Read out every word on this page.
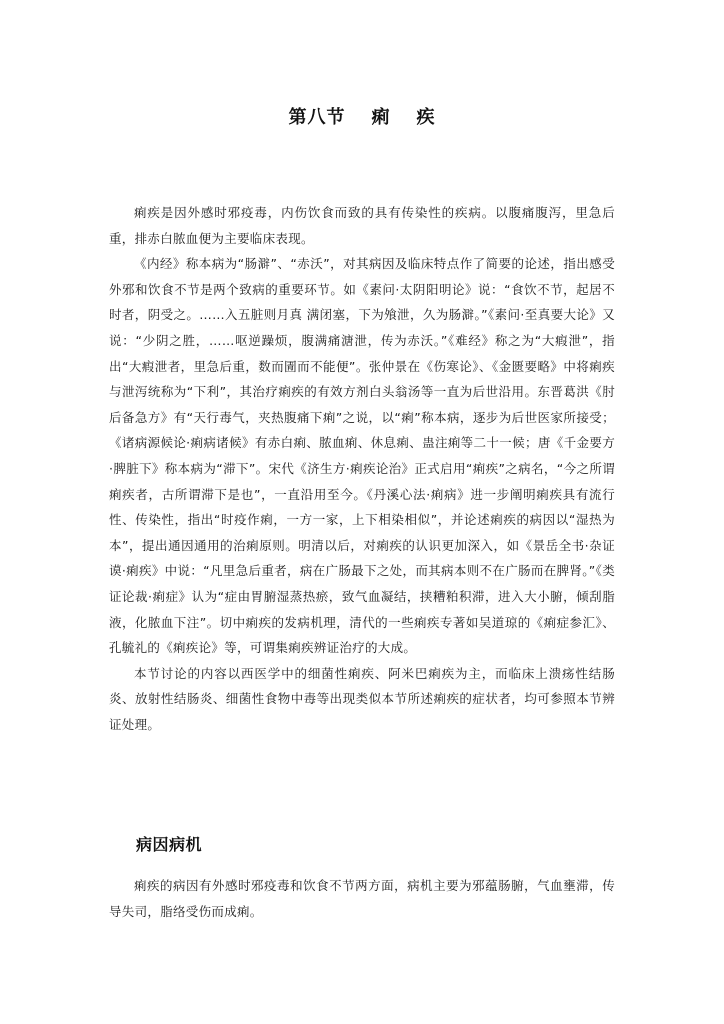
第八节 痢 疾

痢疾是因外感时邪疫毒，内伤饮食而致的具有传染性的疾病。以腹痛腹泻，里急后重，排赤白脓血便为主要临床表现。

《内经》称本病为“肠澼”、“赤沃”，对其病因及临床特点作了简要的论述，指出感受外邪和饮食不节是两个致病的重要环节。如《素问·太阴阳明论》说：“食饮不节，起居不时者，阴受之。……入五脏则月真 满闭塞，下为飧泄，久为肠澼。”《素问·至真要大论》又说：“少阴之胜，……呕逆躁烦，腹满痛溏泄，传为赤沃。”《难经》称之为“大瘕泄”，指出“大瘕泄者，里急后重，数而圊而不能便”。张仲景在《伤寒论》、《金匮要略》中将痢疾与泄泻统称为“下利”，其治疗痢疾的有效方剂白头翁汤等一直为后世沿用。东晋葛洪《肘后备急方》有“天行毒气，夹热腹痛下痢”之说，以“痢”称本病，逐步为后世医家所接受；《诸病源候论·痢病诸候》有赤白痢、脓血痢、休息痢、蛊注痢等二十一候；唐《千金要方·脾脏下》称本病为“滞下”。宋代《济生方·痢疾论治》正式启用“痢疾”之病名，“今之所谓痢疾者，古所谓滞下是也”，一直沿用至今。《丹溪心法·痢病》进一步阐明痢疾具有流行性、传染性，指出“时疫作痢，一方一家，上下相染相似”，并论述痢疾的病因以“湿热为本”，提出通因通用的治痢原则。明清以后，对痢疾的认识更加深入，如《景岳全书·杂证谟·痢疾》中说：“凡里急后重者，病在广肠最下之处，而其病本则不在广肠而在脾肾。”《类证论裁·痢症》认为“症由胃腑湿蒸热瘀，致气血凝结，挟糟粕积滞，进入大小腑，倾刮脂液，化脓血下注”。切中痢疾的发病机理，清代的一些痢疾专著如吴道琼的《痢症参汇》、孔毓礼的《痢疾论》等，可谓集痢疾辨证治疗的大成。

本节讨论的内容以西医学中的细菌性痢疾、阿米巴痢疾为主，而临床上溃疡性结肠炎、放射性结肠炎、细菌性食物中毒等出现类似本节所述痢疾的症状者，均可参照本节辨证处理。

病因病机

痢疾的病因有外感时邪疫毒和饮食不节两方面，病机主要为邪蕴肠腑，气血壅滞，传导失司，脂络受伤而成痢。
